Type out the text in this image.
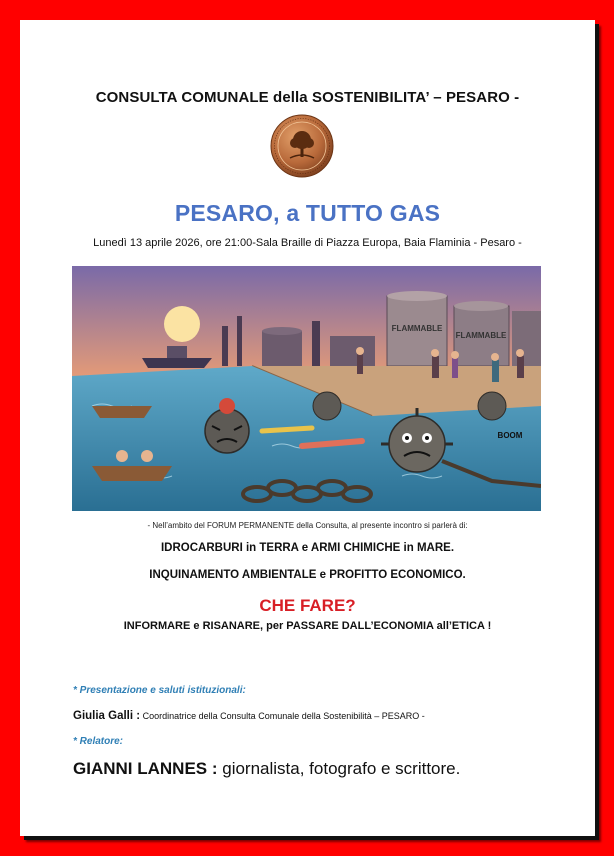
CONSULTA COMUNALE della SOSTENIBILITA’ – PESARO -
PESARO, a TUTTO GAS
Lunedì 13 aprile 2026, ore 21:00-Sala Braille di Piazza Europa, Baia Flaminia - Pesaro -
FLAMMABLE
FLAMMABLE
BOOM
- Nell’ambito del FORUM PERMANENTE della Consulta, al presente incontro si parlerà di:
IDROCARBURI in TERRA e ARMI CHIMICHE in MARE.
INQUINAMENTO AMBIENTALE e PROFITTO ECONOMICO.
CHE FARE?
INFORMARE e RISANARE, per PASSARE DALL’ECONOMIA all’ETICA !
* Presentazione e saluti istituzionali:
Giulia Galli : Coordinatrice della Consulta Comunale della Sostenibilità – PESARO -
* Relatore:
GIANNI LANNES : giornalista, fotografo e scrittore.
